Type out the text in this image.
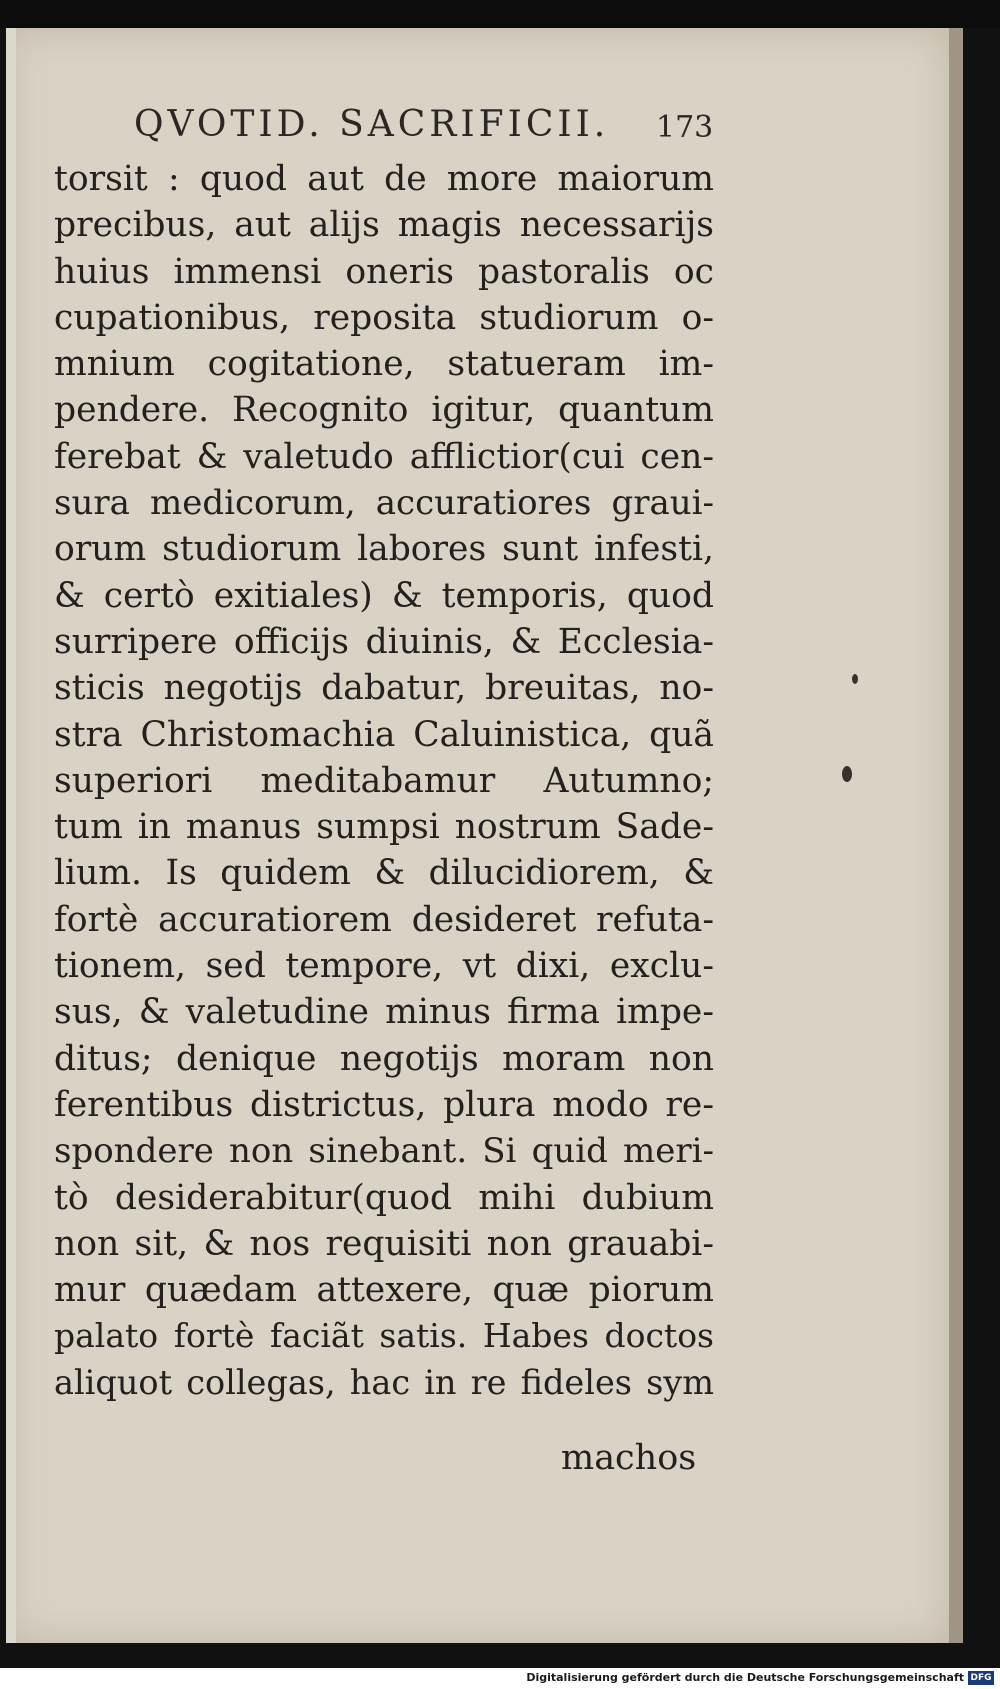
QVOTID. SACRIFICII. 173
torsit : quod aut de more maiorum
precibus, aut alijs magis necessarijs
huius immensi oneris pastoralis oc
cupationibus, reposita studiorum o-
mnium cogitatione, statueram im-
pendere. Recognito igitur, quantum
ferebat & valetudo afflictior(cui cen-
sura medicorum, accuratiores graui-
orum studiorum labores sunt infesti,
& certò exitiales) & temporis, quod
surripere officijs diuinis, & Ecclesia-
sticis negotijs dabatur, breuitas, no-
stra Christomachia Caluinistica, quã
superiori meditabamur Autumno;
tum in manus sumpsi nostrum Sade-
lium. Is quidem & dilucidiorem, &
fortè accuratiorem desideret refuta-
tionem, sed tempore, vt dixi, exclu-
sus, & valetudine minus firma impe-
ditus; denique negotijs moram non
ferentibus districtus, plura modo re-
spondere non sinebant. Si quid meri-
tò desiderabitur(quod mihi dubium
non sit, & nos requisiti non grauabi-
mur quædam attexere, quæ piorum
palato fortè faciãt satis. Habes doctos
aliquot collegas, hac in re fideles sym
machos
Digitalisierung gefördert durch die Deutsche Forschungsgemeinschaft DFG
